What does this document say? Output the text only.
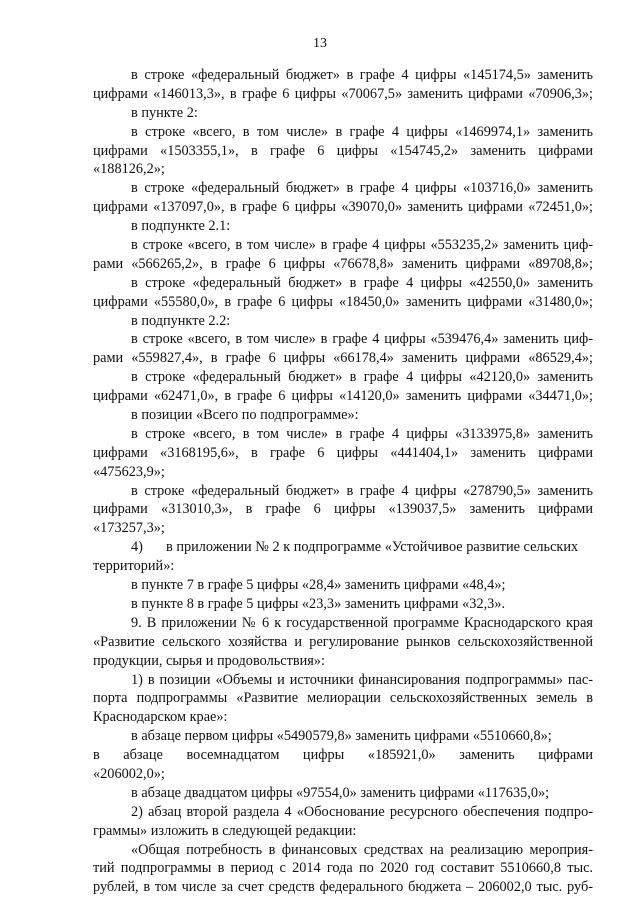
13
в строке «федеральный бюджет» в графе 4 цифры «145174,5» заменить
цифрами «146013,3», в графе 6 цифры «70067,5» заменить цифрами «70906,3»;
в пункте 2:
в строке «всего, в том числе» в графе 4 цифры «1469974,1» заменить
цифрами «1503355,1», в графе 6 цифры «154745,2» заменить цифрами
«188126,2»;
в строке «федеральный бюджет» в графе 4 цифры «103716,0» заменить
цифрами «137097,0», в графе 6 цифры «39070,0» заменить цифрами «72451,0»;
в подпункте 2.1:
в строке «всего, в том числе» в графе 4 цифры «553235,2» заменить циф-
рами «566265,2», в графе 6 цифры «76678,8» заменить цифрами «89708,8»;
в строке «федеральный бюджет» в графе 4 цифры «42550,0» заменить
цифрами «55580,0», в графе 6 цифры «18450,0» заменить цифрами «31480,0»;
в подпункте 2.2:
в строке «всего, в том числе» в графе 4 цифры «539476,4» заменить циф-
рами «559827,4», в графе 6 цифры «66178,4» заменить цифрами «86529,4»;
в строке «федеральный бюджет» в графе 4 цифры «42120,0» заменить
цифрами «62471,0», в графе 6 цифры «14120,0» заменить цифрами «34471,0»;
в позиции «Всего по подпрограмме»:
в строке «всего, в том числе» в графе 4 цифры «3133975,8» заменить
цифрами «3168195,6», в графе 6 цифры «441404,1» заменить цифрами
«475623,9»;
в строке «федеральный бюджет» в графе 4 цифры «278790,5» заменить
цифрами «313010,3», в графе 6 цифры «139037,5» заменить цифрами
«173257,3»;
4) в приложении № 2 к подпрограмме «Устойчивое развитие сельских
территорий»:
в пункте 7 в графе 5 цифры «28,4» заменить цифрами «48,4»;
в пункте 8 в графе 5 цифры «23,3» заменить цифрами «32,3».
9. В приложении № 6 к государственной программе Краснодарского края
«Развитие сельского хозяйства и регулирование рынков сельскохозяйственной
продукции, сырья и продовольствия»:
1) в позиции «Объемы и источники финансирования подпрограммы» пас-
порта подпрограммы «Развитие мелиорации сельскохозяйственных земель в
Краснодарском крае»:
в абзаце первом цифры «5490579,8» заменить цифрами «5510660,8»;
в абзаце восемнадцатом цифры «185921,0» заменить цифрами
«206002,0»;
в абзаце двадцатом цифры «97554,0» заменить цифрами «117635,0»;
2) абзац второй раздела 4 «Обоснование ресурсного обеспечения подпро-
граммы» изложить в следующей редакции:
«Общая потребность в финансовых средствах на реализацию мероприя-
тий подпрограммы в период с 2014 года по 2020 год составит 5510660,8 тыс.
рублей, в том числе за счет средств федерального бюджета – 206002,0 тыс. руб-
